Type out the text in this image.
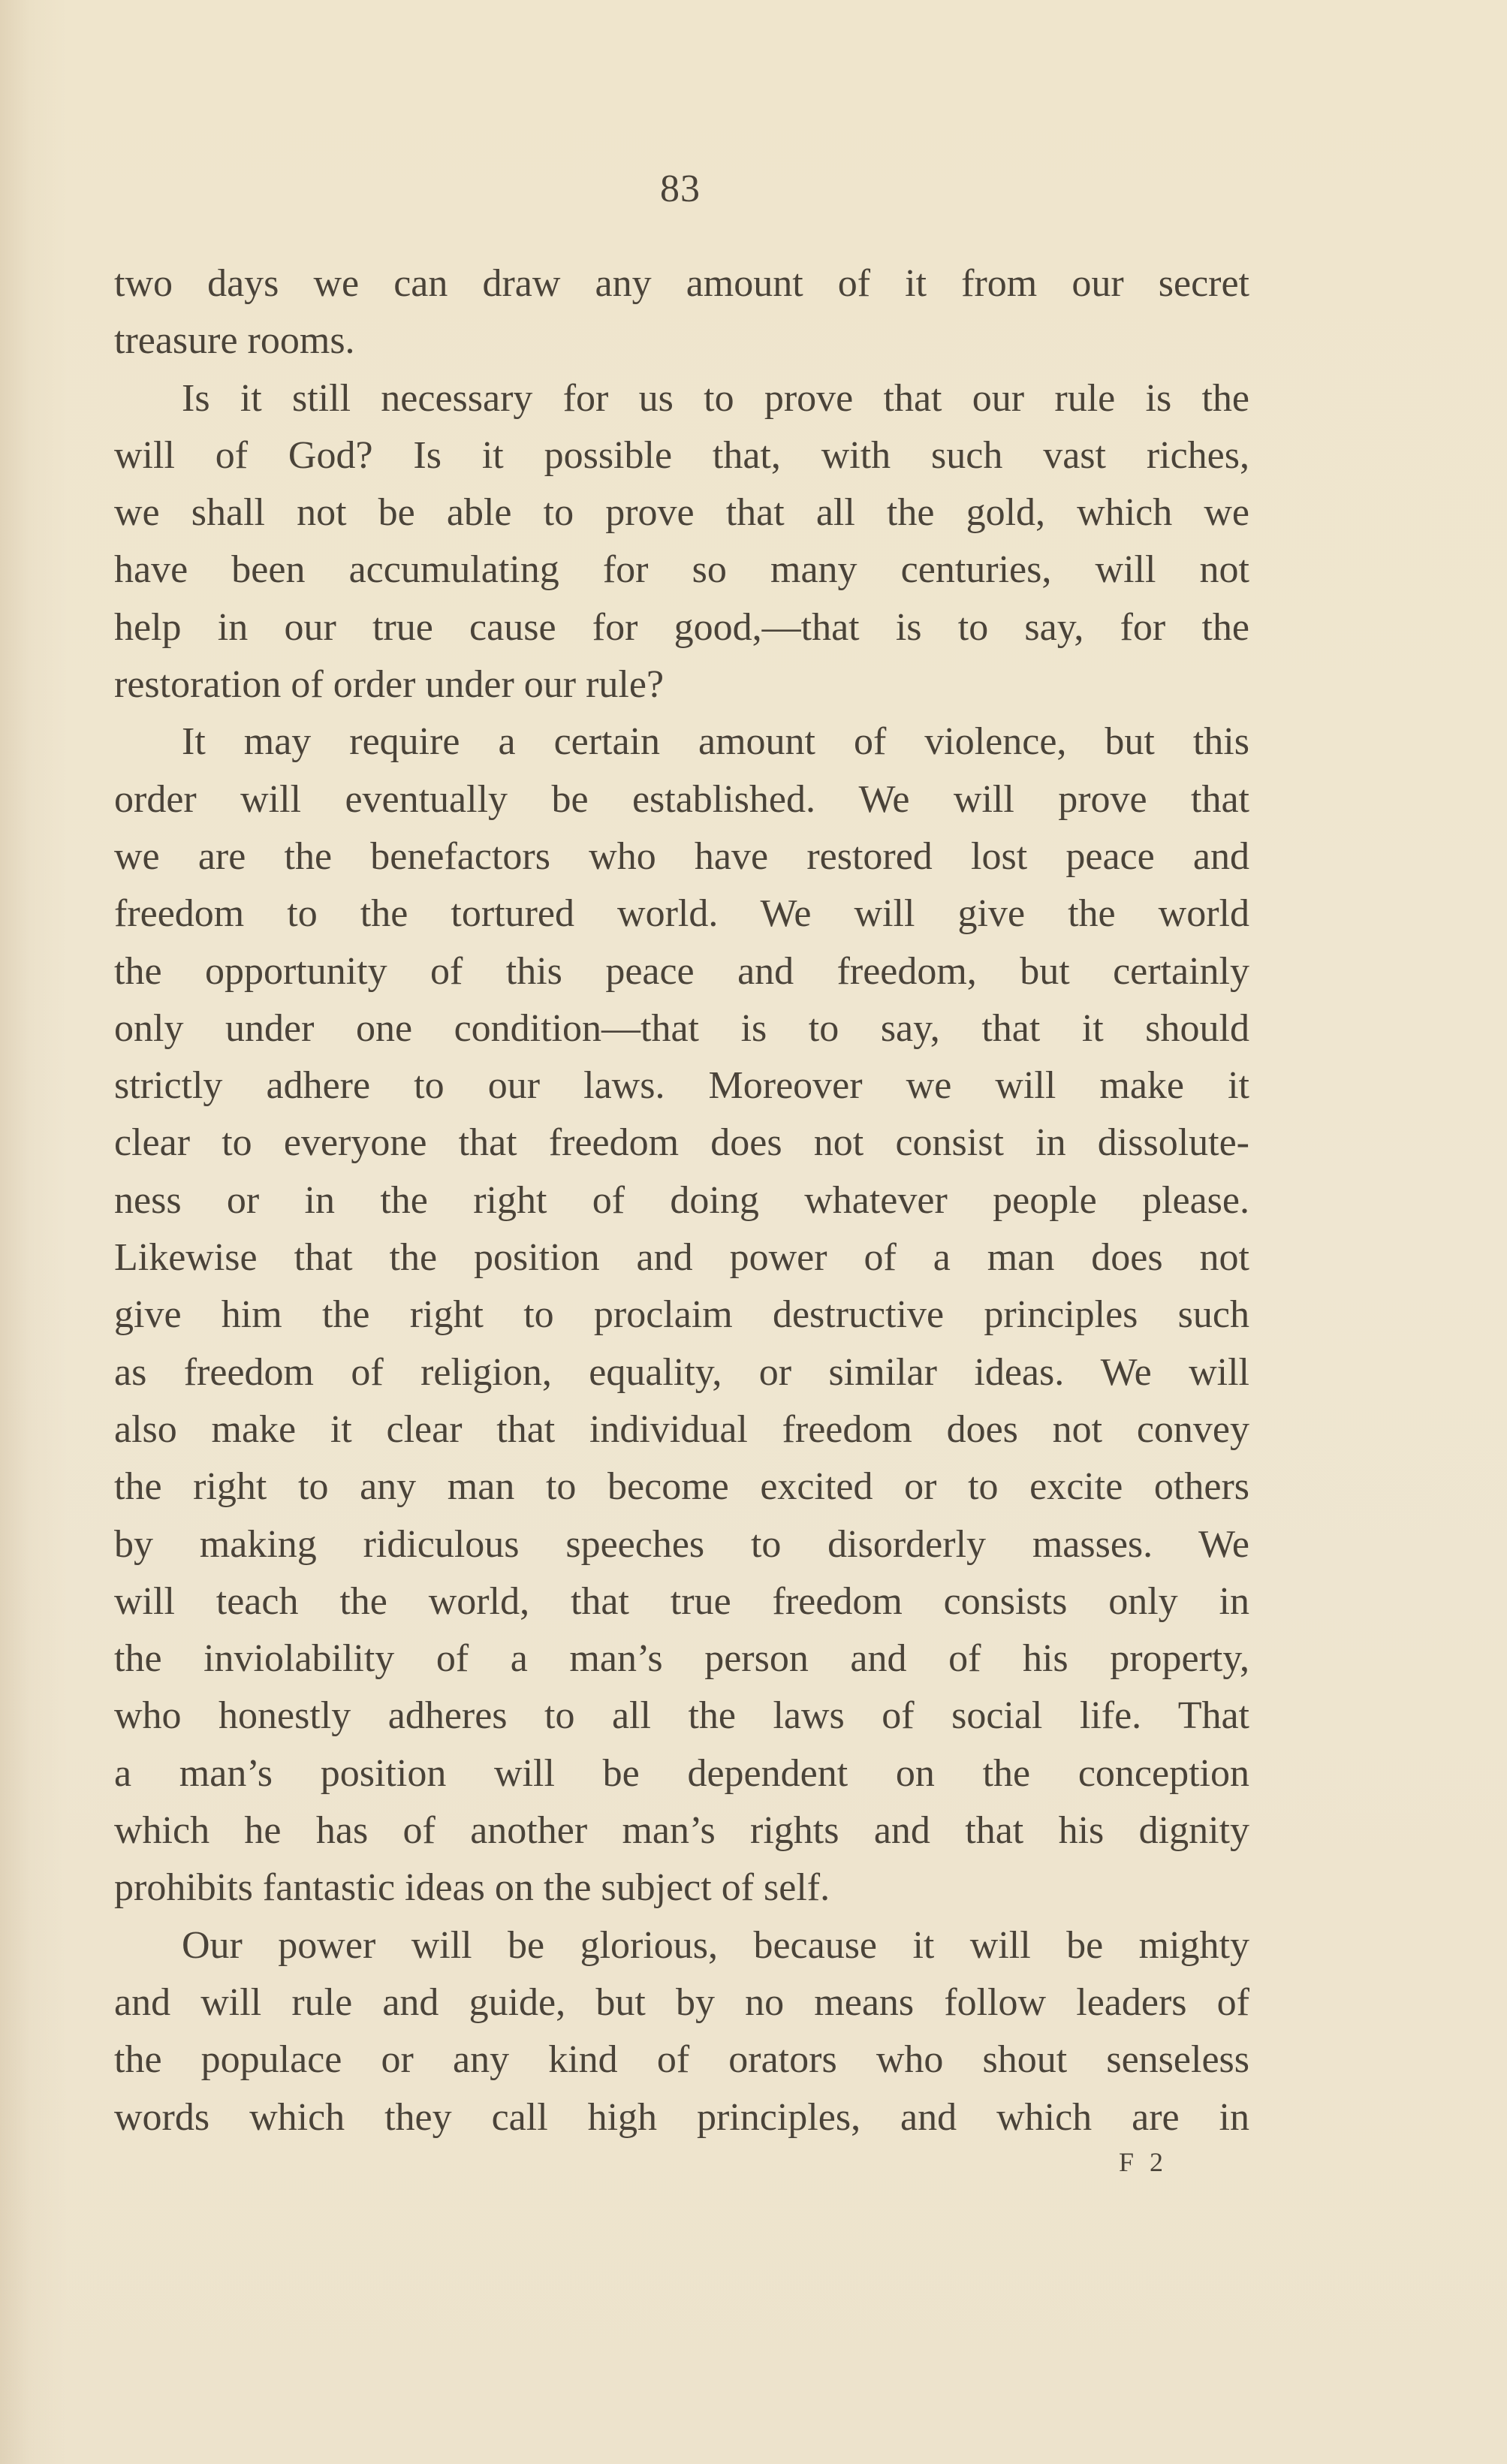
83
two days we can draw any amount of it from our secret
treasure rooms.
Is it still necessary for us to prove that our rule is the
will of God? Is it possible that, with such vast riches,
we shall not be able to prove that all the gold, which we
have been accumulating for so many centuries, will not
help in our true cause for good,—that is to say, for the
restoration of order under our rule?
It may require a certain amount of violence, but this
order will eventually be established. We will prove that
we are the benefactors who have restored lost peace and
freedom to the tortured world. We will give the world
the opportunity of this peace and freedom, but certainly
only under one condition—that is to say, that it should
strictly adhere to our laws. Moreover we will make it
clear to everyone that freedom does not consist in dissolute-
ness or in the right of doing whatever people please.
Likewise that the position and power of a man does not
give him the right to proclaim destructive principles such
as freedom of religion, equality, or similar ideas. We will
also make it clear that individual freedom does not convey
the right to any man to become excited or to excite others
by making ridiculous speeches to disorderly masses. We
will teach the world, that true freedom consists only in
the inviolability of a man’s person and of his property,
who honestly adheres to all the laws of social life. That
a man’s position will be dependent on the conception
which he has of another man’s rights and that his dignity
prohibits fantastic ideas on the subject of self.
Our power will be glorious, because it will be mighty
and will rule and guide, but by no means follow leaders of
the populace or any kind of orators who shout senseless
words which they call high principles, and which are in
F 2
